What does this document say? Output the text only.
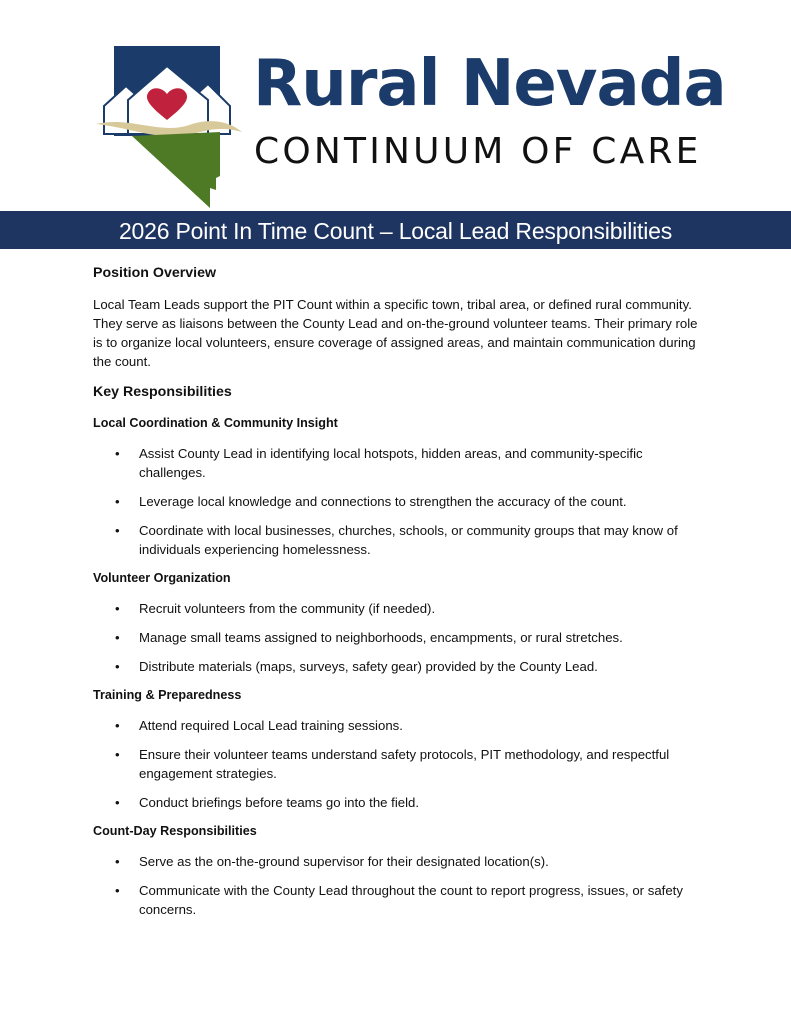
Rural Nevada
CONTINUUM OF CARE
2026 Point In Time Count – Local Lead Responsibilities
Position Overview

Local Team Leads support the PIT Count within a specific town, tribal area, or defined rural community. They serve as liaisons between the County Lead and on-the-ground volunteer teams. Their primary role is to organize local volunteers, ensure coverage of assigned areas, and maintain communication during the count.

Key Responsibilities
Local Coordination & Community Insight
• Assist County Lead in identifying local hotspots, hidden areas, and community-specific challenges.
• Leverage local knowledge and connections to strengthen the accuracy of the count.
• Coordinate with local businesses, churches, schools, or community groups that may know of individuals experiencing homelessness.
Volunteer Organization
• Recruit volunteers from the community (if needed).
• Manage small teams assigned to neighborhoods, encampments, or rural stretches.
• Distribute materials (maps, surveys, safety gear) provided by the County Lead.
Training & Preparedness
• Attend required Local Lead training sessions.
• Ensure their volunteer teams understand safety protocols, PIT methodology, and respectful engagement strategies.
• Conduct briefings before teams go into the field.
Count-Day Responsibilities
• Serve as the on-the-ground supervisor for their designated location(s).
• Communicate with the County Lead throughout the count to report progress, issues, or safety concerns.
